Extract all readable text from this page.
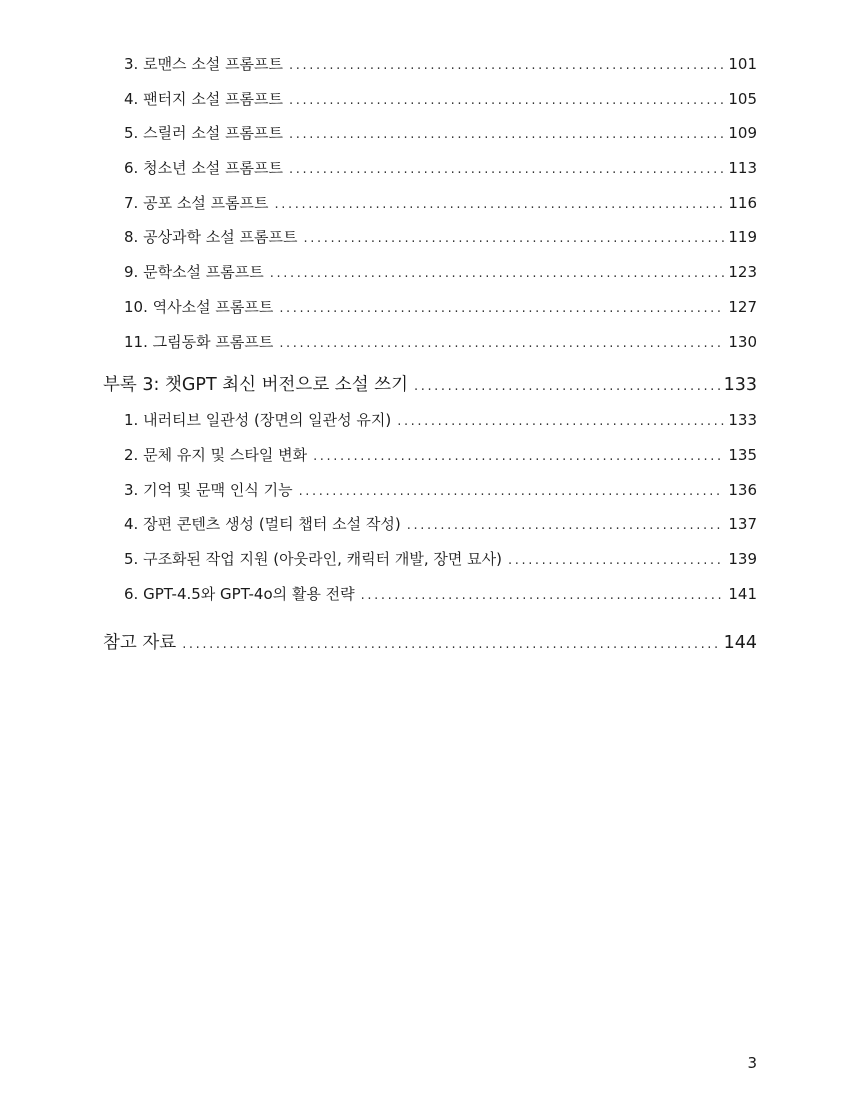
3. 로맨스 소설 프롬프트 .....	101
4. 팬터지 소설 프롬프트 .....	105
5. 스릴러 소설 프롬프트 .....	109
6. 청소년 소설 프롬프트 .....	113
7. 공포 소설 프롬프트 .....	116
8. 공상과학 소설 프롬프트 .....	119
9. 문학소설 프롬프트 .....	123
10. 역사소설 프롬프트 .....	127
11. 그림동화 프롬프트 .....	130
부록 3: 챗GPT 최신 버전으로 소설 쓰기 .....	133
1. 내러티브 일관성 (장면의 일관성 유지) .....	133
2. 문체 유지 및 스타일 변화 .....	135
3. 기억 및 문맥 인식 기능 .....	136
4. 장편 콘텐츠 생성 (멀티 챕터 소설 작성) .....	137
5. 구조화된 작업 지원 (아웃라인, 캐릭터 개발, 장면 묘사) .....	139
6. GPT-4.5와 GPT-4o의 활용 전략 .....	141
참고 자료 .....	144
3
